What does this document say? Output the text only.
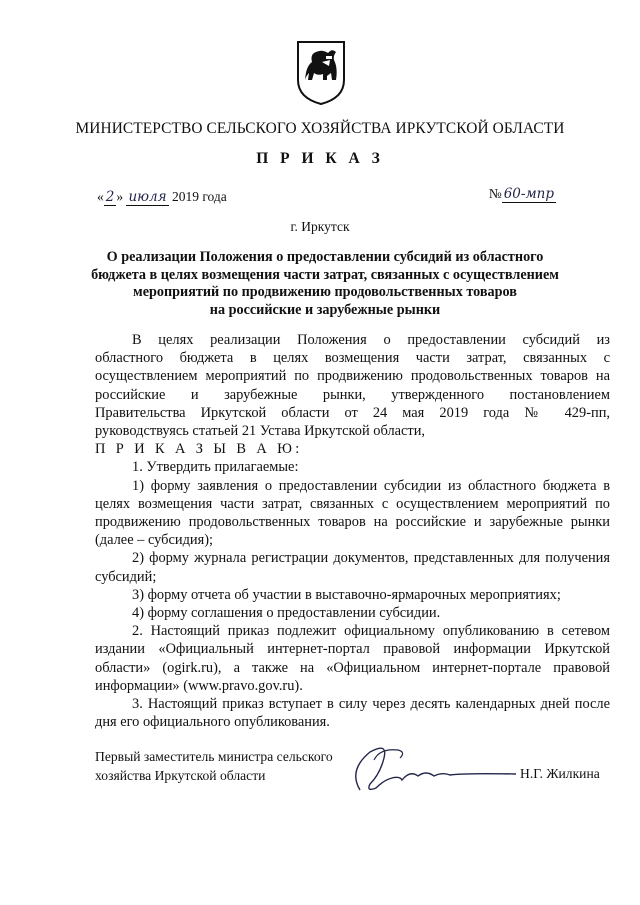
МИНИСТЕРСТВО СЕЛЬСКОГО ХОЗЯЙСТВА ИРКУТСКОЙ ОБЛАСТИ
П Р И К А З
« 2 » июля 2019 года	№ 60-мпр
г. Иркутск
О реализации Положения о предоставлении субсидий из областного
бюджета в целях возмещения части затрат, связанных с осуществлением
мероприятий по продвижению продовольственных товаров
на российские и зарубежные рынки

В целях реализации Положения о предоставлении субсидий из

областного бюджета в целях возмещения части затрат, связанных с

осуществлением мероприятий по продвижению продовольственных товаров на

российские и зарубежные рынки, утвержденного постановлением

Правительства Иркутской области от 24 мая 2019 года № 429-пп,

руководствуясь статьей 21 Устава Иркутской области,

П Р И К А З Ы В А Ю:

1. Утвердить прилагаемые:

1) форму заявления о предоставлении субсидии из областного бюджета в целях возмещения части затрат, связанных с осуществлением мероприятий по продвижению продовольственных товаров на российские и зарубежные рынки (далее – субсидия);

2) форму журнала регистрации документов, представленных для получения субсидий;

3) форму отчета об участии в выставочно-ярмарочных мероприятиях;

4) форму соглашения о предоставлении субсидии.

2. Настоящий приказ подлежит официальному опубликованию в сетевом издании «Официальный интернет-портал правовой информации Иркутской области» (ogirk.ru), а также на «Официальном интернет-портале правовой информации» (www.pravo.gov.ru).

3. Настоящий приказ вступает в силу через десять календарных дней после дня его официального опубликования.

Первый заместитель министра сельского
хозяйства Иркутской области	Н.Г. Жилкина
